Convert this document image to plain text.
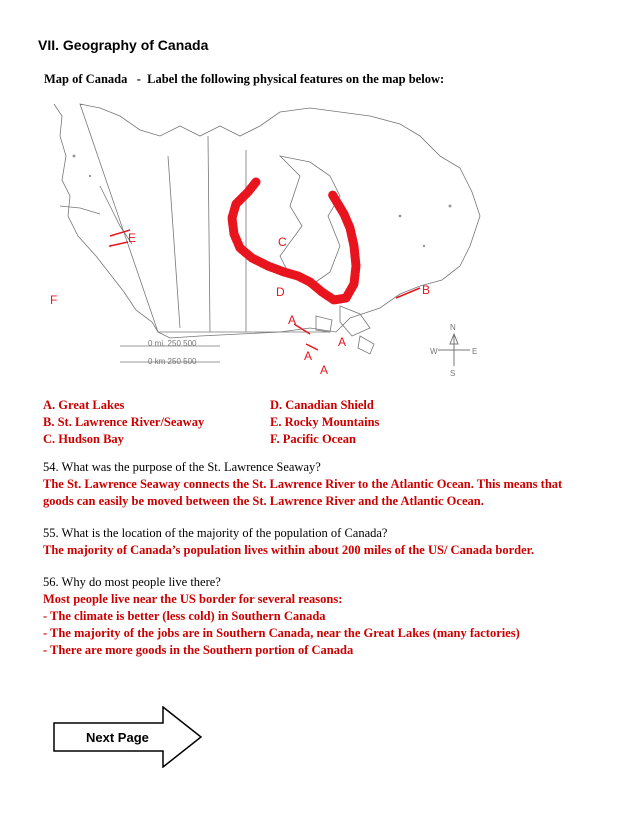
VII. Geography of Canada
Map of Canada   -  Label the following physical features on the map below:
N
S
E
W
0 mi. 250 500
0 km 250 500
A
A
A
A
B
C
D
E
F
A. Great Lakes
B. St. Lawrence River/Seaway
C. Hudson Bay
D. Canadian Shield
E. Rocky Mountains
F. Pacific Ocean
54. What was the purpose of the St. Lawrence Seaway?
The St. Lawrence Seaway connects the St. Lawrence River to the Atlantic Ocean. This means that
goods can easily be moved between the St. Lawrence River and the Atlantic Ocean.
55. What is the location of the majority of the population of Canada?
The majority of Canada’s population lives within about 200 miles of the US/ Canada border.
56. Why do most people live there?
Most people live near the US border for several reasons:
- The climate is better (less cold) in Southern Canada
- The majority of the jobs are in Southern Canada, near the Great Lakes (many factories)
- There are more goods in the Southern portion of Canada
Next Page
